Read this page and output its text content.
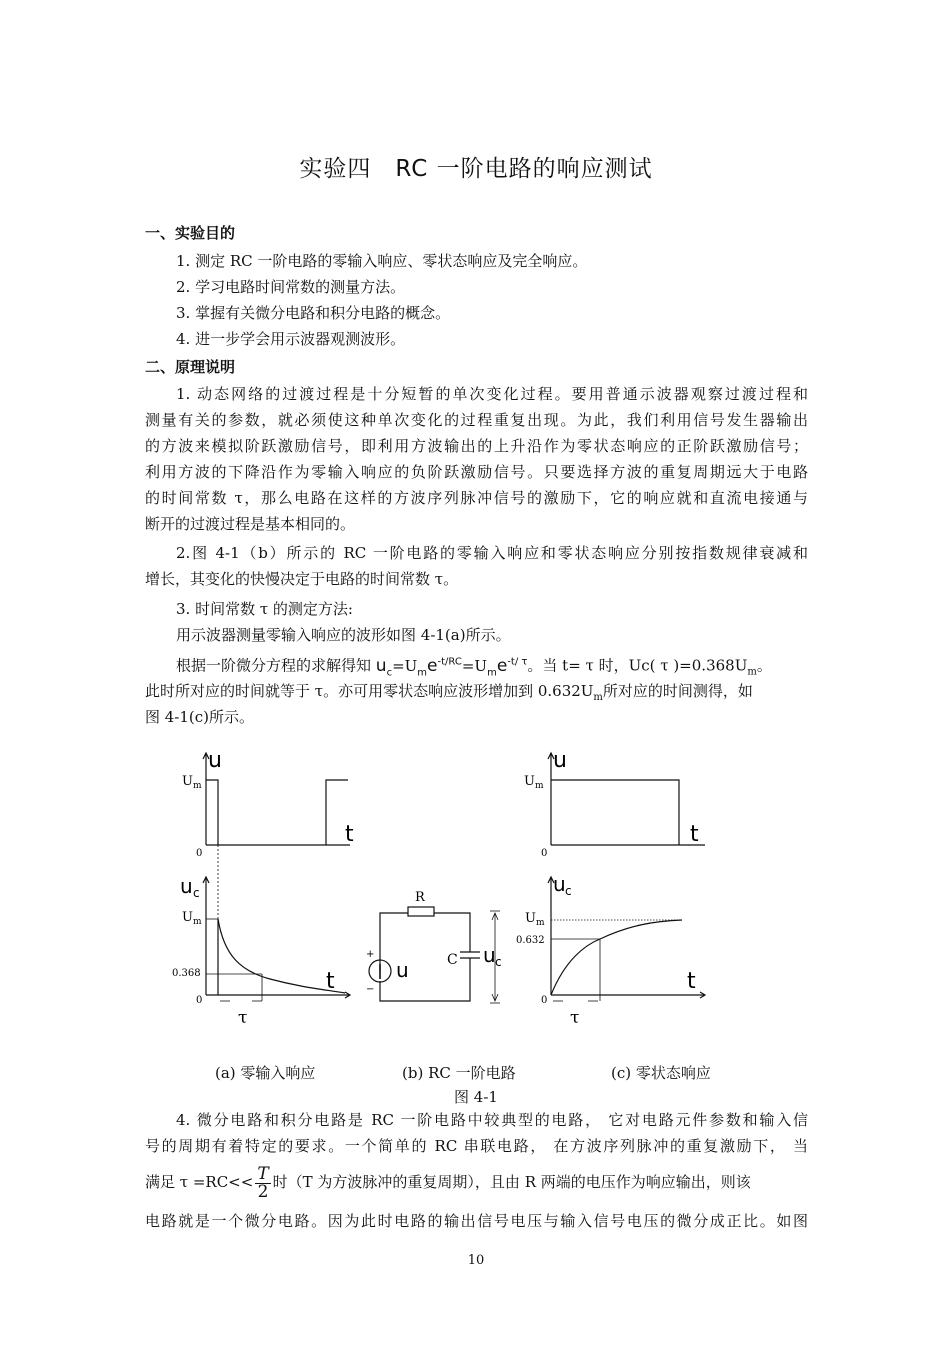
实验四　RC 一阶电路的响应测试
一、实验目的
1. 测定 RC 一阶电路的零输入响应、零状态响应及完全响应。
2. 学习电路时间常数的测量方法。
3. 掌握有关微分电路和积分电路的概念。
4. 进一步学会用示波器观测波形。
二、原理说明
1. 动态网络的过渡过程是十分短暂的单次变化过程。要用普通示波器观察过渡过程和
测量有关的参数，就必须使这种单次变化的过程重复出现。为此，我们利用信号发生器输出
的方波来模拟阶跃激励信号，即利用方波输出的上升沿作为零状态响应的正阶跃激励信号；
利用方波的下降沿作为零输入响应的负阶跃激励信号。只要选择方波的重复周期远大于电路
的时间常数 τ，那么电路在这样的方波序列脉冲信号的激励下，它的响应就和直流电接通与
断开的过渡过程是基本相同的。
2.图 4-1（b）所示的 RC 一阶电路的零输入响应和零状态响应分别按指数规律衰减和
增长，其变化的快慢决定于电路的时间常数 τ。
3. 时间常数 τ 的测定方法:
用示波器测量零输入响应的波形如图 4-1(a)所示。
根据一阶微分方程的求解得知 $u_c=U_me^{-t/RC}=U_me^{-t/ \tau}$。当 t= τ 时，Uc( τ )$=0.368U_m$。
此时所对应的时间就等于 τ。亦可用零状态响应波形增加到 $0.632U_m$所对应的时间测得，如
图 4-1(c)所示。
u
U m
t
0
u c
U m
0.368	t
0
τ
R
C
u
u c
+
−
u
U m
t
0
u c
U m
0.632
t
0
τ
(a) 零输入响应	(b) RC 一阶电路	(c) 零状态响应
图 4-1
4. 微分电路和积分电路是 RC 一阶电路中较典型的电路， 它对电路元件参数和输入信
号的周期有着特定的要求。一个简单的 RC 串联电路， 在方波序列脉冲的重复激励下， 当
满足 $\tau =RC<< \frac{T}{2}$ 时（T 为方波脉冲的重复周期），且由 R 两端的电压作为响应输出，则该
电路就是一个微分电路。因为此时电路的输出信号电压与输入信号电压的微分成正比。如图
10
